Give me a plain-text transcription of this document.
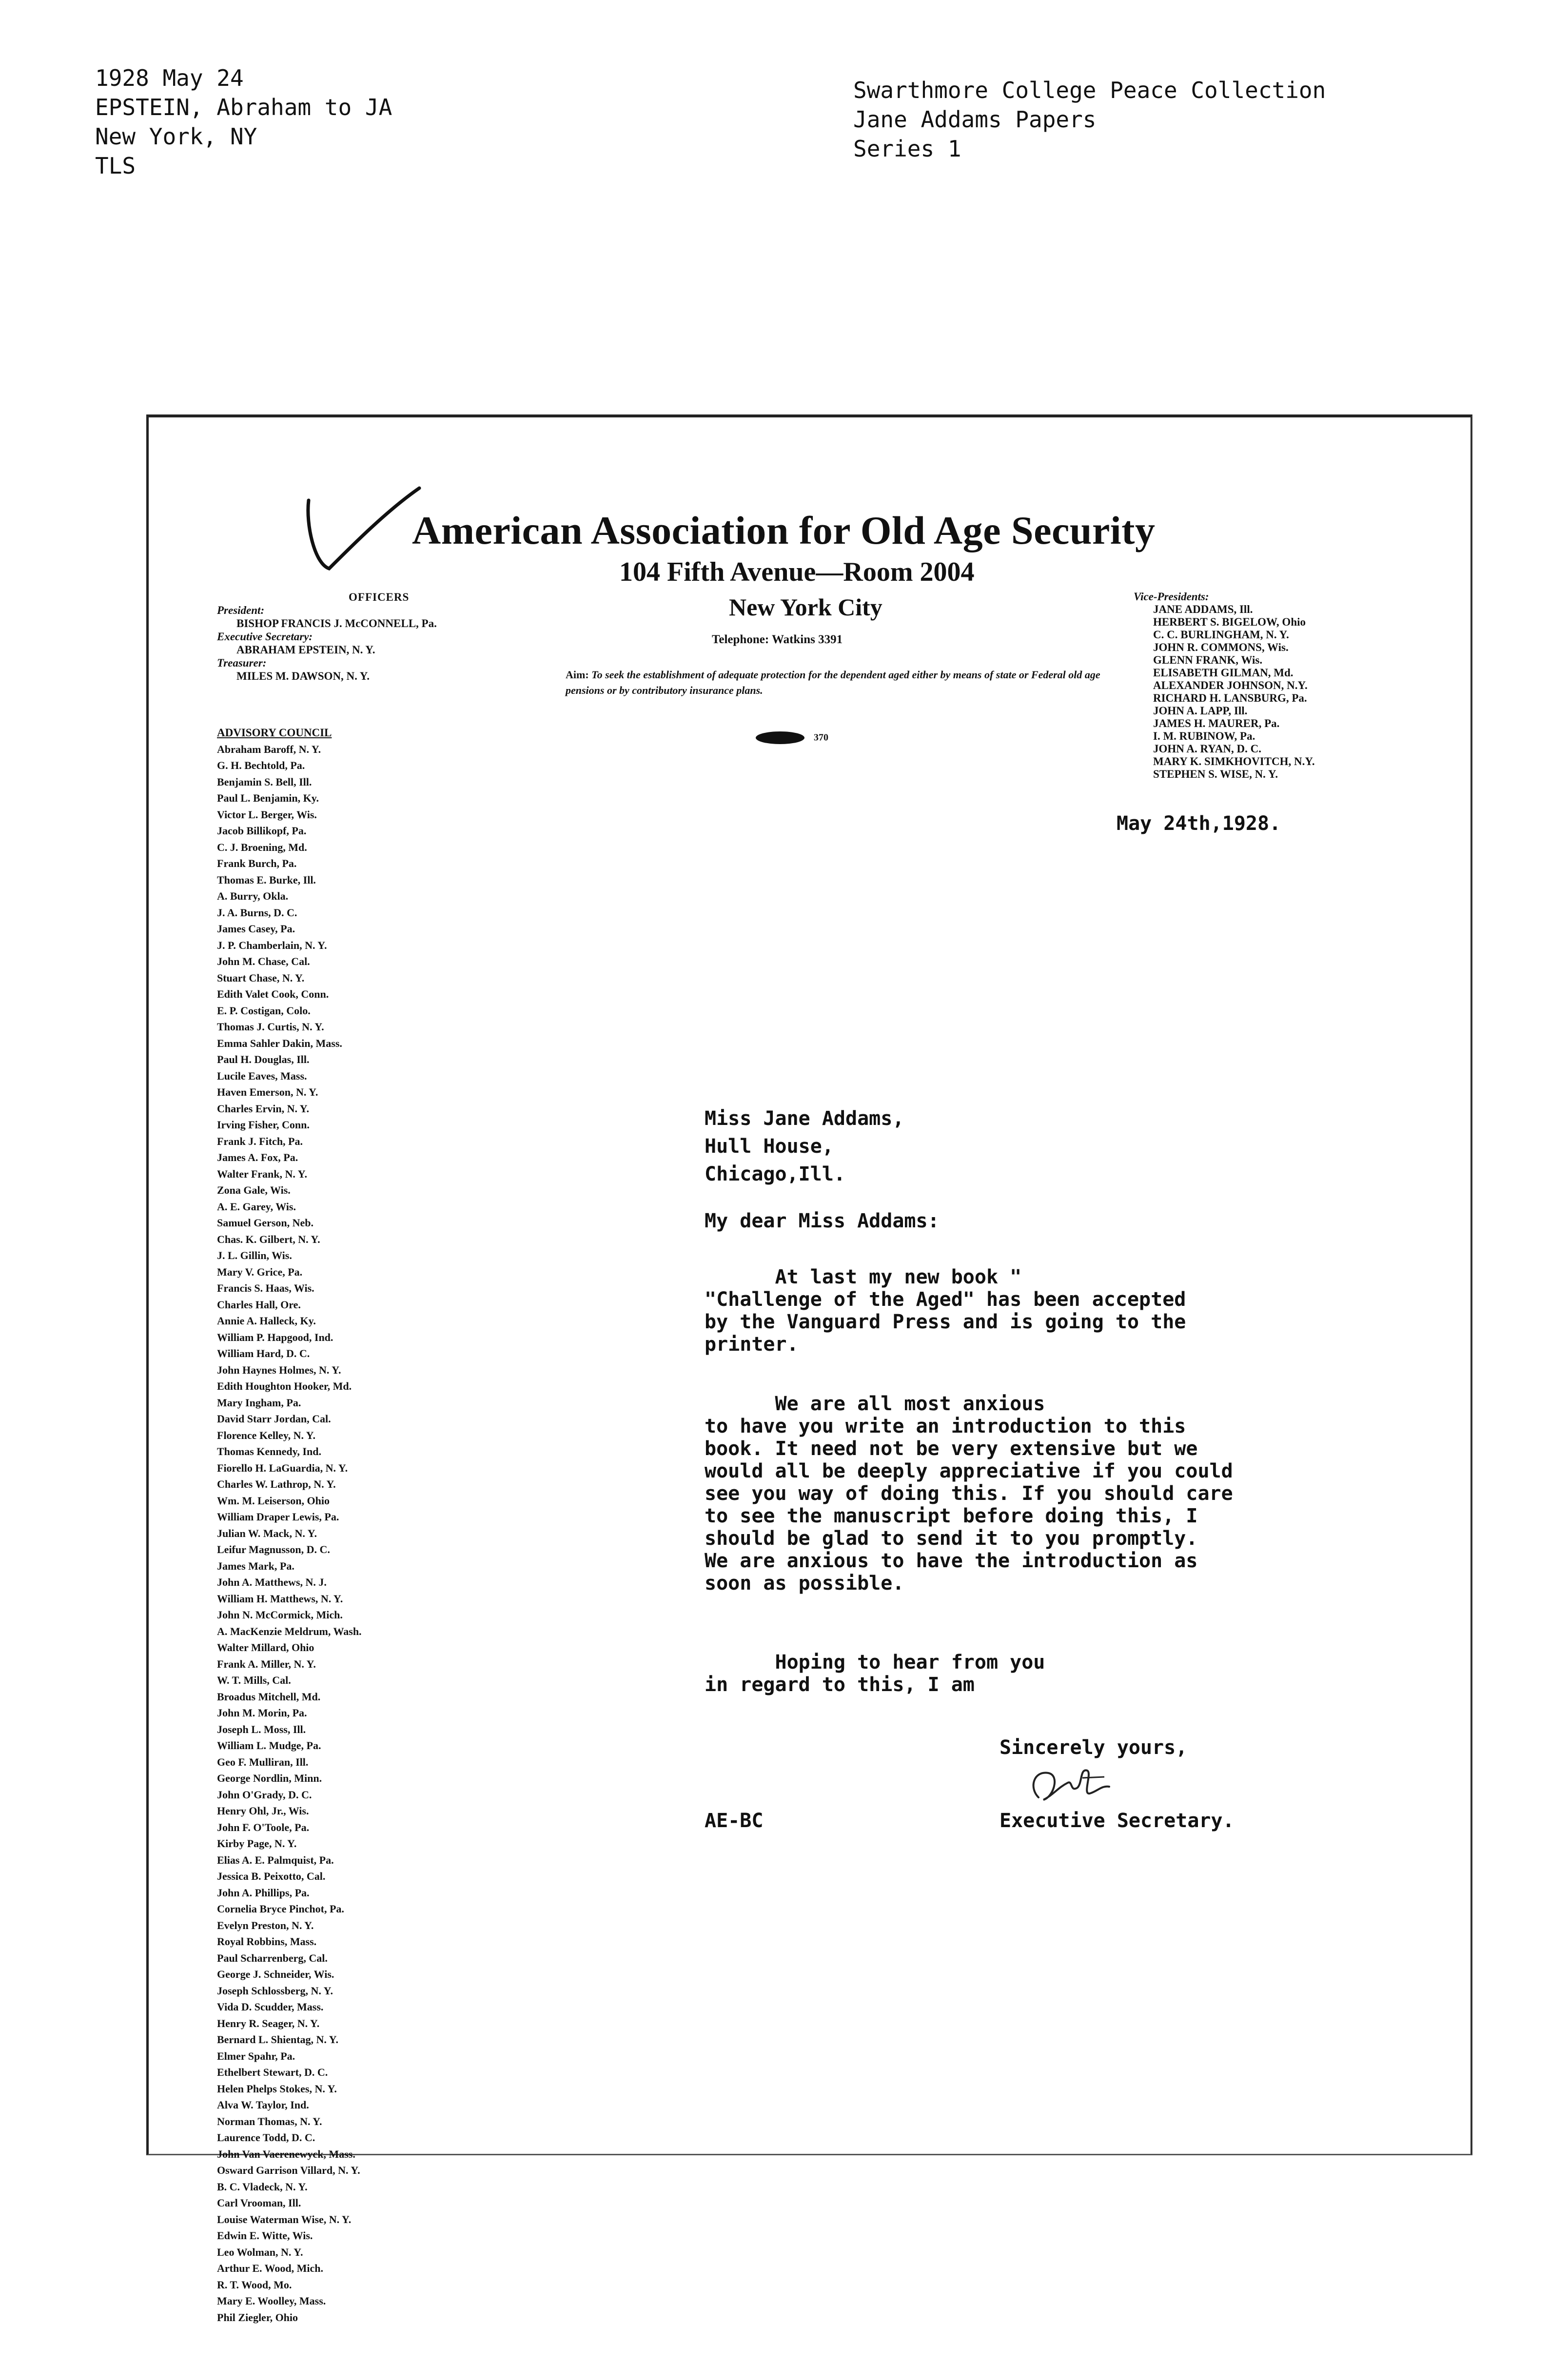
1928 May 24
EPSTEIN, Abraham to JA
New York, NY
TLS
Swarthmore College Peace Collection
Jane Addams Papers
Series 1
American Association for Old Age Security
104 Fifth Avenue—Room 2004
New York City
Telephone: Watkins 3391
Aim: To seek the establishment of adequate protection for the dependent aged either by means of state or Federal old age pensions or by contributory insurance plans.
370
OFFICERS
President:
BISHOP FRANCIS J. McCONNELL, Pa.
Executive Secretary:
ABRAHAM EPSTEIN, N. Y.
Treasurer:
MILES M. DAWSON, N. Y.
ADVISORY COUNCIL
Abraham Baroff, N. Y.
G. H. Bechtold, Pa.
Benjamin S. Bell, Ill.
Paul L. Benjamin, Ky.
Victor L. Berger, Wis.
Jacob Billikopf, Pa.
C. J. Broening, Md.
Frank Burch, Pa.
Thomas E. Burke, Ill.
A. Burry, Okla.
J. A. Burns, D. C.
James Casey, Pa.
J. P. Chamberlain, N. Y.
John M. Chase, Cal.
Stuart Chase, N. Y.
Edith Valet Cook, Conn.
E. P. Costigan, Colo.
Thomas J. Curtis, N. Y.
Emma Sahler Dakin, Mass.
Paul H. Douglas, Ill.
Lucile Eaves, Mass.
Haven Emerson, N. Y.
Charles Ervin, N. Y.
Irving Fisher, Conn.
Frank J. Fitch, Pa.
James A. Fox, Pa.
Walter Frank, N. Y.
Zona Gale, Wis.
A. E. Garey, Wis.
Samuel Gerson, Neb.
Chas. K. Gilbert, N. Y.
J. L. Gillin, Wis.
Mary V. Grice, Pa.
Francis S. Haas, Wis.
Charles Hall, Ore.
Annie A. Halleck, Ky.
William P. Hapgood, Ind.
William Hard, D. C.
John Haynes Holmes, N. Y.
Edith Houghton Hooker, Md.
Mary Ingham, Pa.
David Starr Jordan, Cal.
Florence Kelley, N. Y.
Thomas Kennedy, Ind.
Fiorello H. LaGuardia, N. Y.
Charles W. Lathrop, N. Y.
Wm. M. Leiserson, Ohio
William Draper Lewis, Pa.
Julian W. Mack, N. Y.
Leifur Magnusson, D. C.
James Mark, Pa.
John A. Matthews, N. J.
William H. Matthews, N. Y.
John N. McCormick, Mich.
A. MacKenzie Meldrum, Wash.
Walter Millard, Ohio
Frank A. Miller, N. Y.
W. T. Mills, Cal.
Broadus Mitchell, Md.
John M. Morin, Pa.
Joseph L. Moss, Ill.
William L. Mudge, Pa.
Geo F. Mulliran, Ill.
George Nordlin, Minn.
John O'Grady, D. C.
Henry Ohl, Jr., Wis.
John F. O'Toole, Pa.
Kirby Page, N. Y.
Elias A. E. Palmquist, Pa.
Jessica B. Peixotto, Cal.
John A. Phillips, Pa.
Cornelia Bryce Pinchot, Pa.
Evelyn Preston, N. Y.
Royal Robbins, Mass.
Paul Scharrenberg, Cal.
George J. Schneider, Wis.
Joseph Schlossberg, N. Y.
Vida D. Scudder, Mass.
Henry R. Seager, N. Y.
Bernard L. Shientag, N. Y.
Elmer Spahr, Pa.
Ethelbert Stewart, D. C.
Helen Phelps Stokes, N. Y.
Alva W. Taylor, Ind.
Norman Thomas, N. Y.
Laurence Todd, D. C.
John Van Vaerenewyck, Mass.
Osward Garrison Villard, N. Y.
B. C. Vladeck, N. Y.
Carl Vrooman, Ill.
Louise Waterman Wise, N. Y.
Edwin E. Witte, Wis.
Leo Wolman, N. Y.
Arthur E. Wood, Mich.
R. T. Wood, Mo.
Mary E. Woolley, Mass.
Phil Ziegler, Ohio
Vice-Presidents:
JANE ADDAMS, Ill.
HERBERT S. BIGELOW, Ohio
C. C. BURLINGHAM, N. Y.
JOHN R. COMMONS, Wis.
GLENN FRANK, Wis.
ELISABETH GILMAN, Md.
ALEXANDER JOHNSON, N.Y.
RICHARD H. LANSBURG, Pa.
JOHN A. LAPP, Ill.
JAMES H. MAURER, Pa.
I. M. RUBINOW, Pa.
JOHN A. RYAN, D. C.
MARY K. SIMKHOVITCH, N.Y.
STEPHEN S. WISE, N. Y.
May 24th,1928.
Miss Jane Addams,
Hull House,
Chicago,Ill.
My dear Miss Addams:
At last my new book "
"Challenge of the Aged" has been accepted
by the Vanguard Press and is going to the
printer.
We are all most anxious
to have you write an introduction to this
book. It need not be very extensive but we
would all be deeply appreciative if you could
see you way of doing this. If you should care
to see the manuscript before doing this, I
should be glad to send it to you promptly.
We are anxious to have the introduction as
soon as possible.
Hoping to hear from you
in regard to this, I am
Sincerely yours,
AE-BC	Executive Secretary.
